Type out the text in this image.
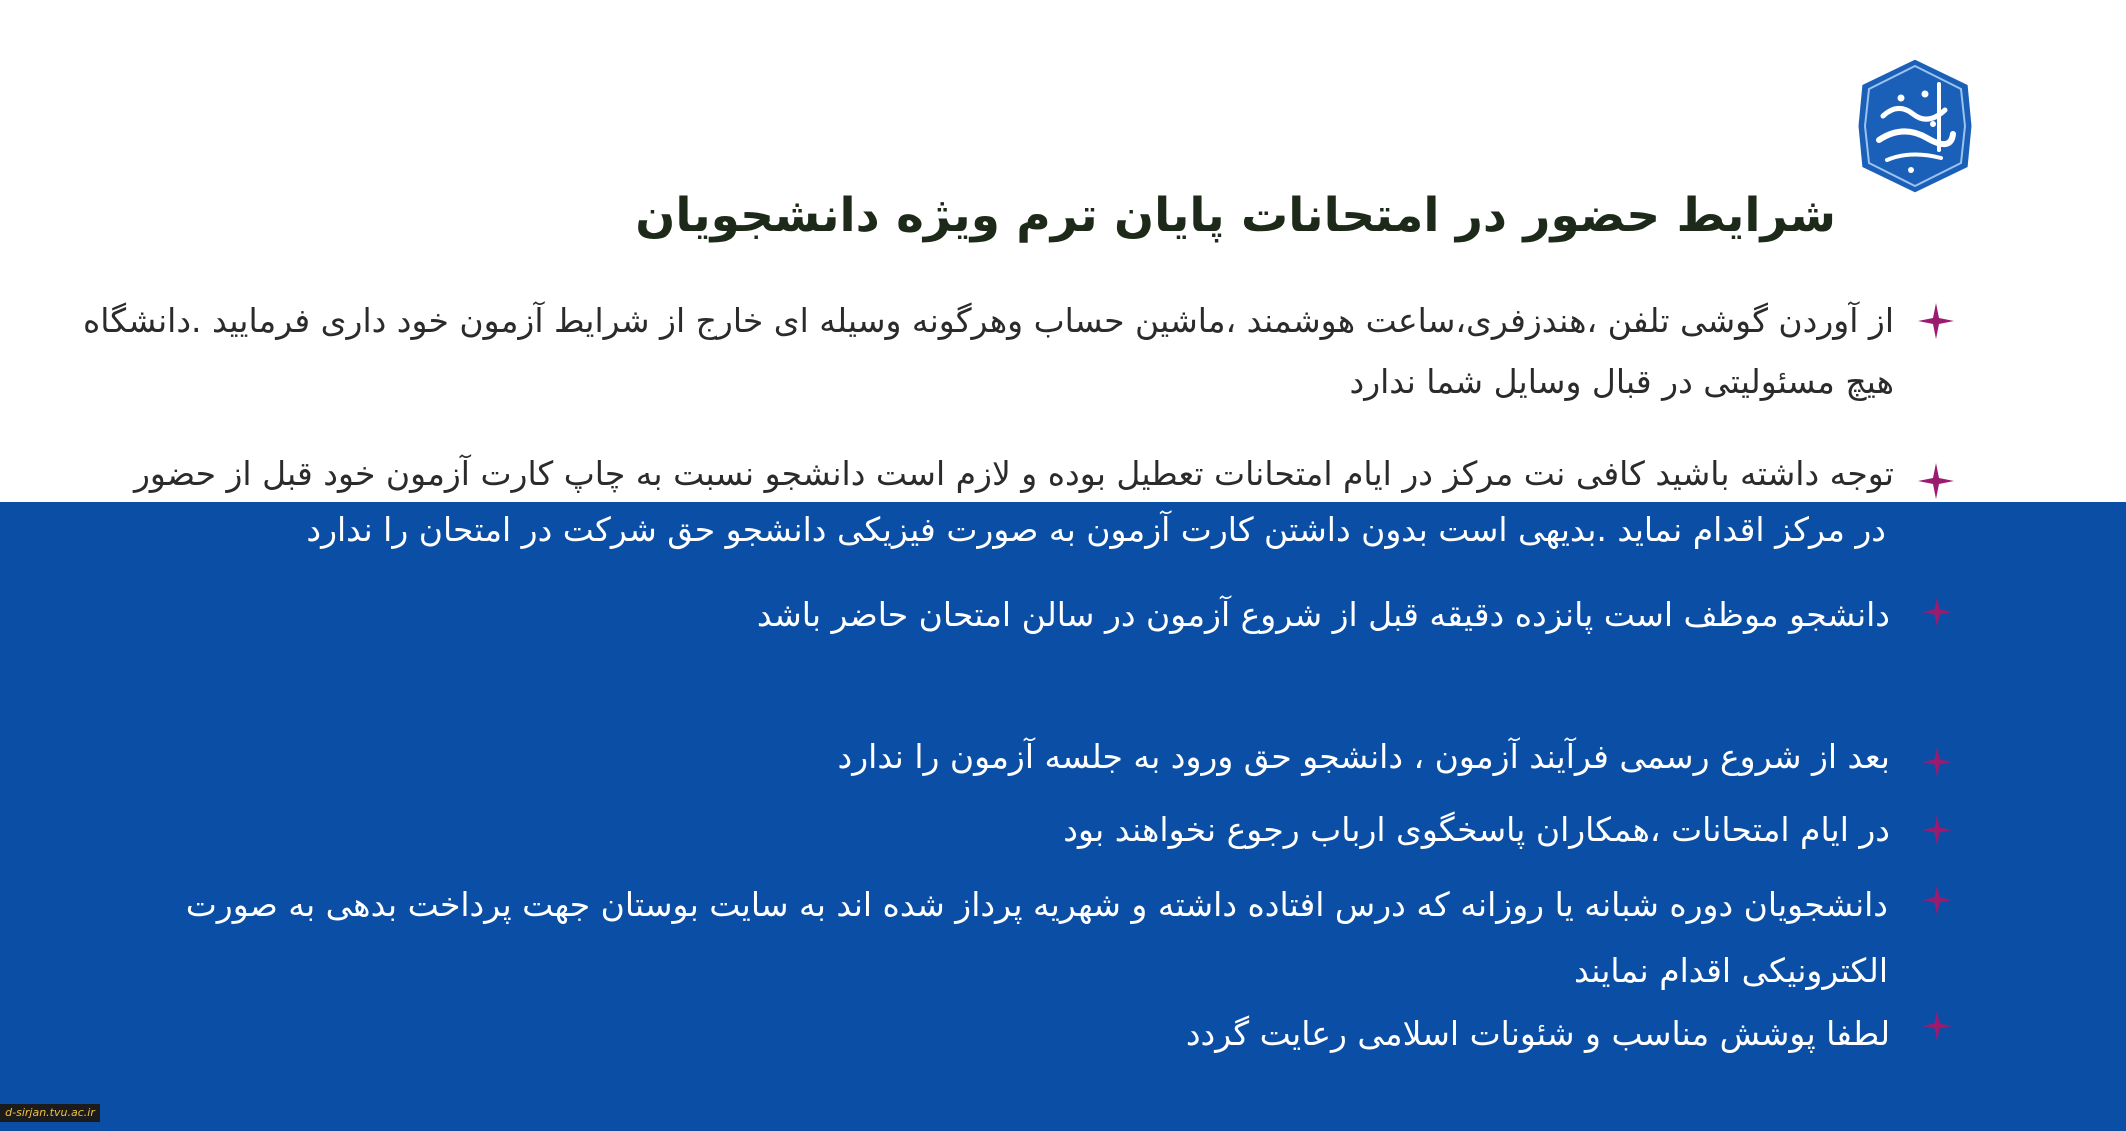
شرایط حضور در امتحانات پایان ترم ویژه دانشجویان
از آوردن گوشی تلفن ،هندزفری،ساعت هوشمند ،ماشین حساب وهرگونه وسیله ای خارج از شرایط آزمون خود داری فرمایید .دانشگاه
هیچ مسئولیتی در قبال وسایل شما ندارد
توجه داشته باشید کافی نت مرکز در ایام امتحانات تعطیل بوده و لازم است دانشجو نسبت به چاپ کارت آزمون خود قبل از حضور
در مرکز اقدام نماید .بدیهی است بدون داشتن کارت آزمون به صورت فیزیکی دانشجو حق شرکت در امتحان را ندارد
دانشجو موظف است پانزده دقیقه قبل از شروع آزمون در سالن امتحان حاضر باشد
بعد از شروع رسمی فرآیند آزمون ، دانشجو حق ورود به جلسه آزمون را ندارد
در ایام امتحانات ،همکاران پاسخگوی ارباب رجوع نخواهند بود
دانشجویان دوره شبانه یا روزانه که درس افتاده داشته و شهریه پرداز شده اند به سایت بوستان جهت پرداخت بدهی به صورت
الکترونیکی اقدام نمایند
لطفا پوشش مناسب و شئونات اسلامی رعایت گردد
d-sirjan.tvu.ac.ir
